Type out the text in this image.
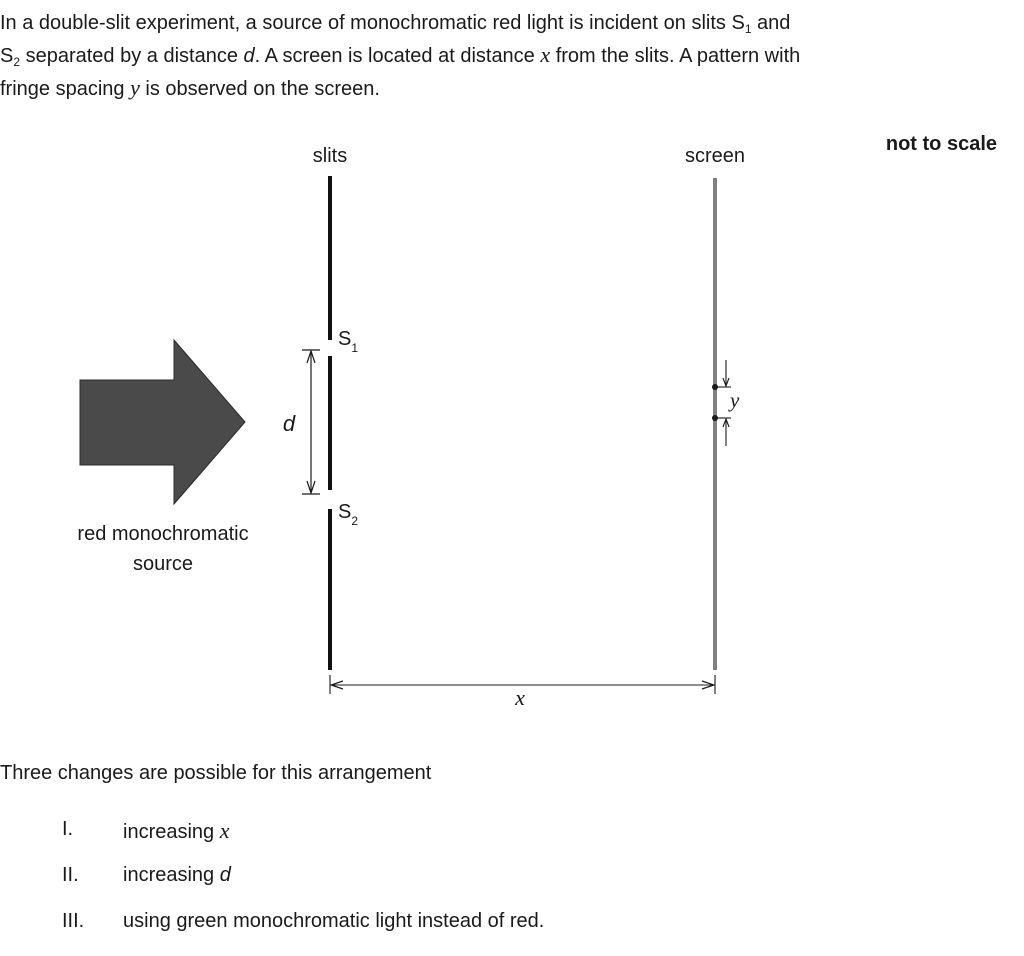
In a double-slit experiment, a source of monochromatic red light is incident on slits $S_1$ and
$S_2$ separated by a distance d. A screen is located at distance x from the slits. A pattern with
fringe spacing y is observed on the screen.

slits	screen
not to scale
$S_1$
$S_2$
d
y
x
red monochromatic
source

Three changes are possible for this arrangement

I. increasing x
II. increasing d
III. using green monochromatic light instead of red.
